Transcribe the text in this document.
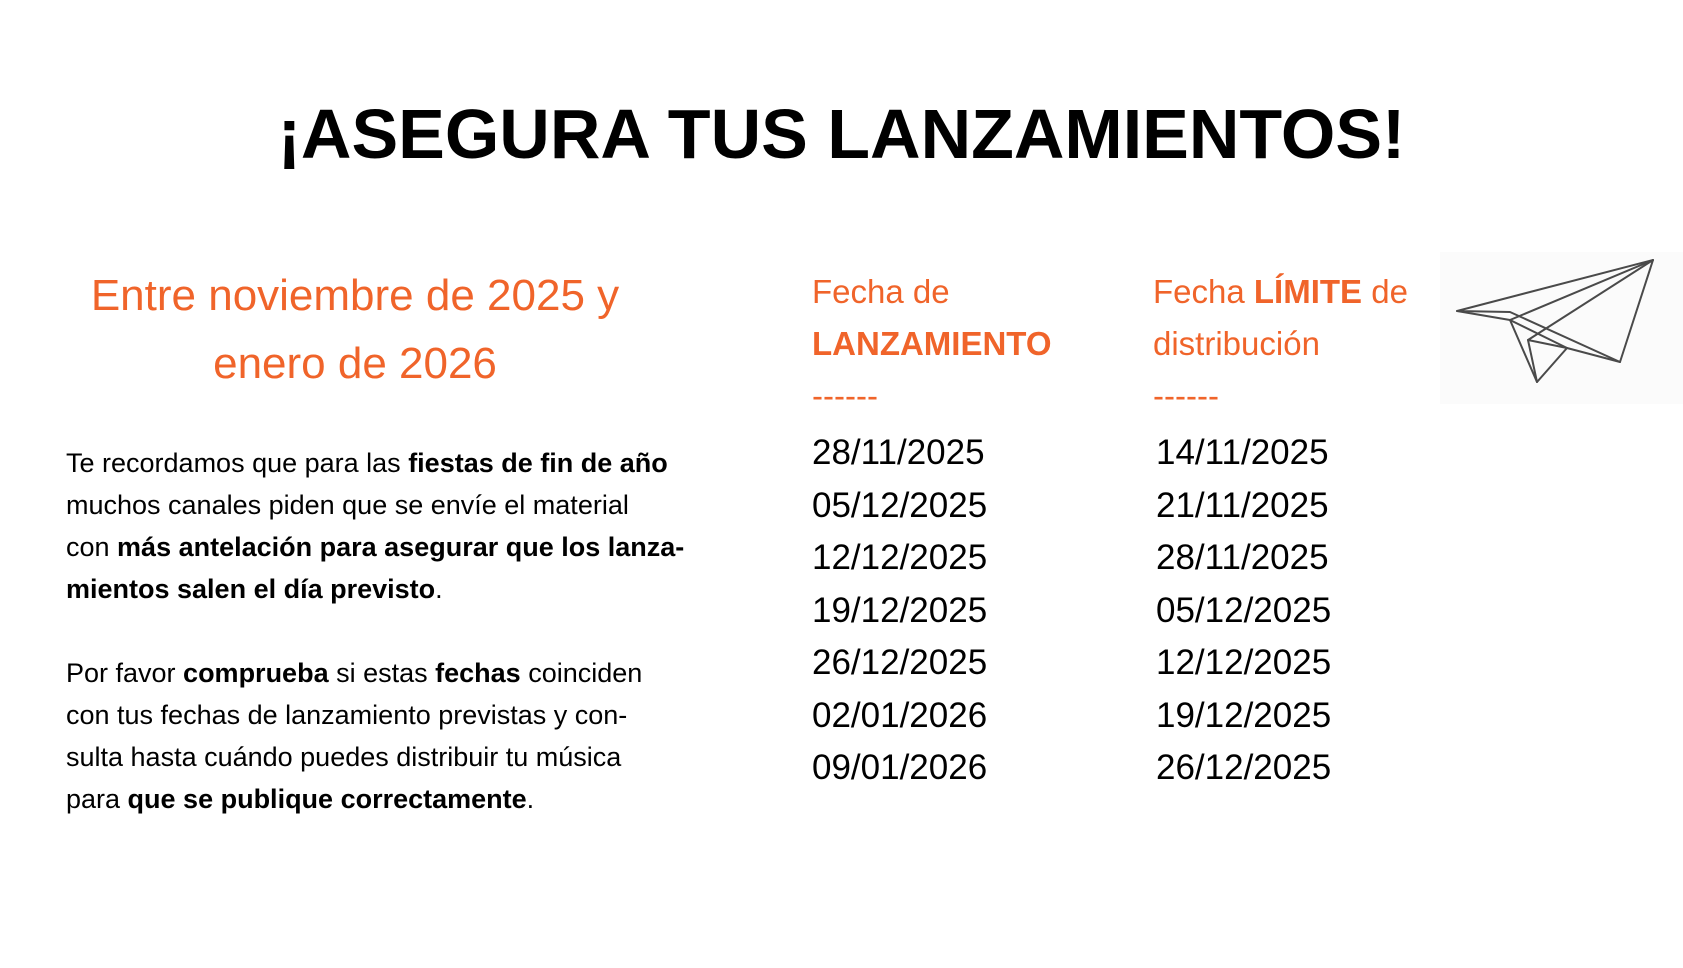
¡ASEGURA TUS LANZAMIENTOS!
Entre noviembre de 2025 y
enero de 2026
Te recordamos que para las fiestas de fin de año
muchos canales piden que se envíe el material
con más antelación para asegurar que los lanza-
mientos salen el día previsto.
Por favor comprueba si estas fechas coinciden
con tus fechas de lanzamiento previstas y con-
sulta hasta cuándo puedes distribuir tu música
para que se publique correctamente.
Fecha de
LANZAMIENTO
------
Fecha LÍMITE de
distribución
------
28/11/2025
05/12/2025
12/12/2025
19/12/2025
26/12/2025
02/01/2026
09/01/2026
14/11/2025
21/11/2025
28/11/2025
05/12/2025
12/12/2025
19/12/2025
26/12/2025
